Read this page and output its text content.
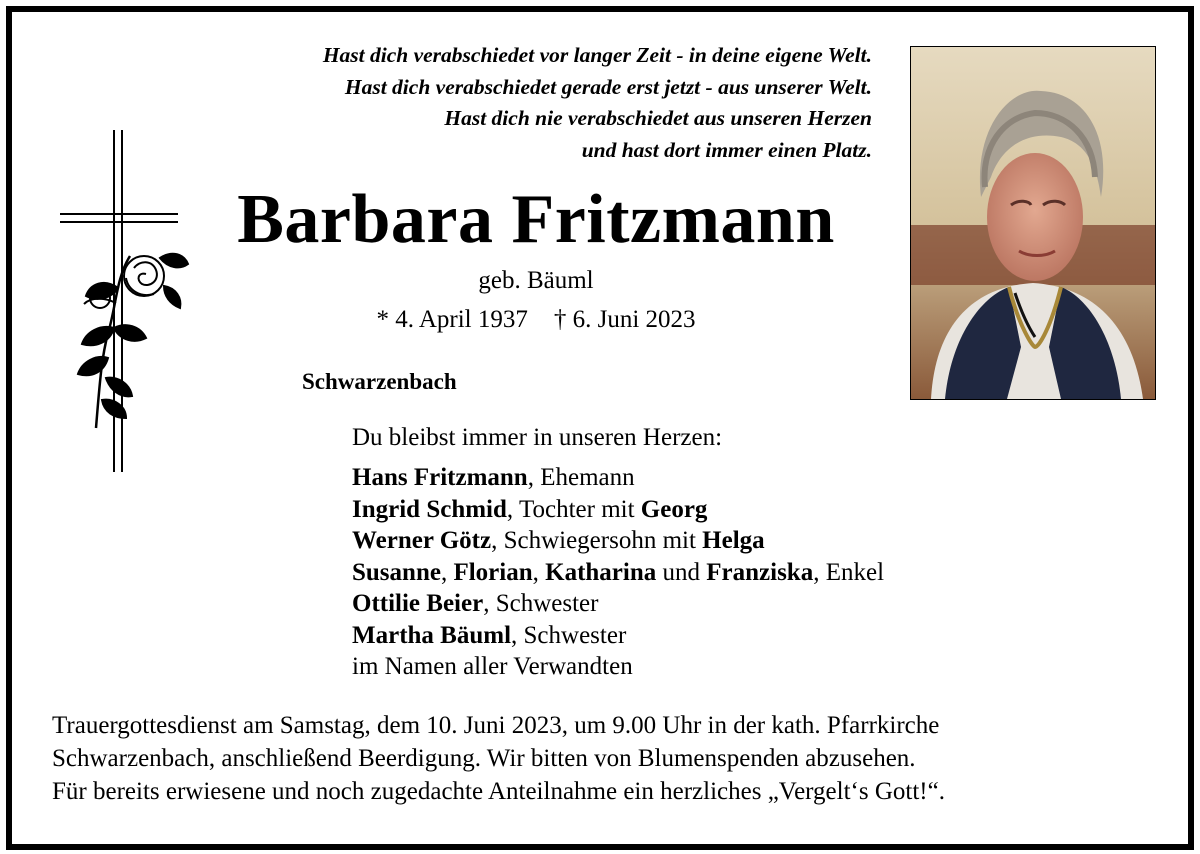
Hast dich verabschiedet vor langer Zeit - in deine eigene Welt.
Hast dich verabschiedet gerade erst jetzt - aus unserer Welt.
Hast dich nie verabschiedet aus unseren Herzen
und hast dort immer einen Platz.
Barbara Fritzmann
geb. Bäuml
* 4. April 1937 † 6. Juni 2023
Schwarzenbach
Du bleibst immer in unseren Herzen:
Hans Fritzmann, Ehemann
Ingrid Schmid, Tochter mit Georg
Werner Götz, Schwiegersohn mit Helga
Susanne, Florian, Katharina und Franziska, Enkel
Ottilie Beier, Schwester
Martha Bäuml, Schwester
im Namen aller Verwandten
Trauergottesdienst am Samstag, dem 10. Juni 2023, um 9.00 Uhr in der kath. Pfarrkirche
Schwarzenbach, anschließend Beerdigung. Wir bitten von Blumenspenden abzusehen.
Für bereits erwiesene und noch zugedachte Anteilnahme ein herzliches „Vergelt‘s Gott!“.
